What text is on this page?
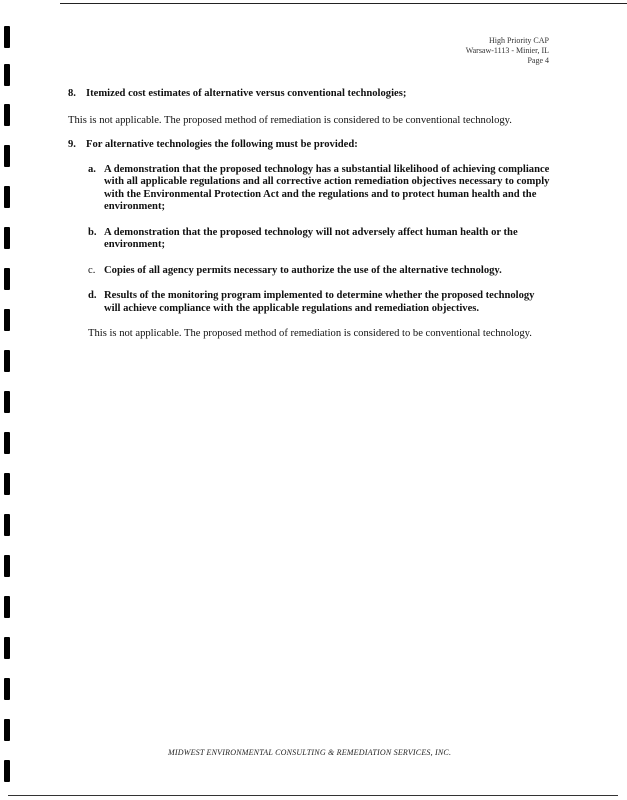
High Priority CAP
Warsaw-1113 - Minier, IL
Page 4
8. Itemized cost estimates of alternative versus conventional technologies;
This is not applicable. The proposed method of remediation is considered to be conventional technology.
9. For alternative technologies the following must be provided:
a. A demonstration that the proposed technology has a substantial likelihood of achieving compliance with all applicable regulations and all corrective action remediation objectives necessary to comply with the Environmental Protection Act and the regulations and to protect human health and the environment;
b. A demonstration that the proposed technology will not adversely affect human health or the environment;
c. Copies of all agency permits necessary to authorize the use of the alternative technology.
d. Results of the monitoring program implemented to determine whether the proposed technology will achieve compliance with the applicable regulations and remediation objectives.
This is not applicable. The proposed method of remediation is considered to be conventional technology.
MIDWEST ENVIRONMENTAL CONSULTING & REMEDIATION SERVICES, INC.
